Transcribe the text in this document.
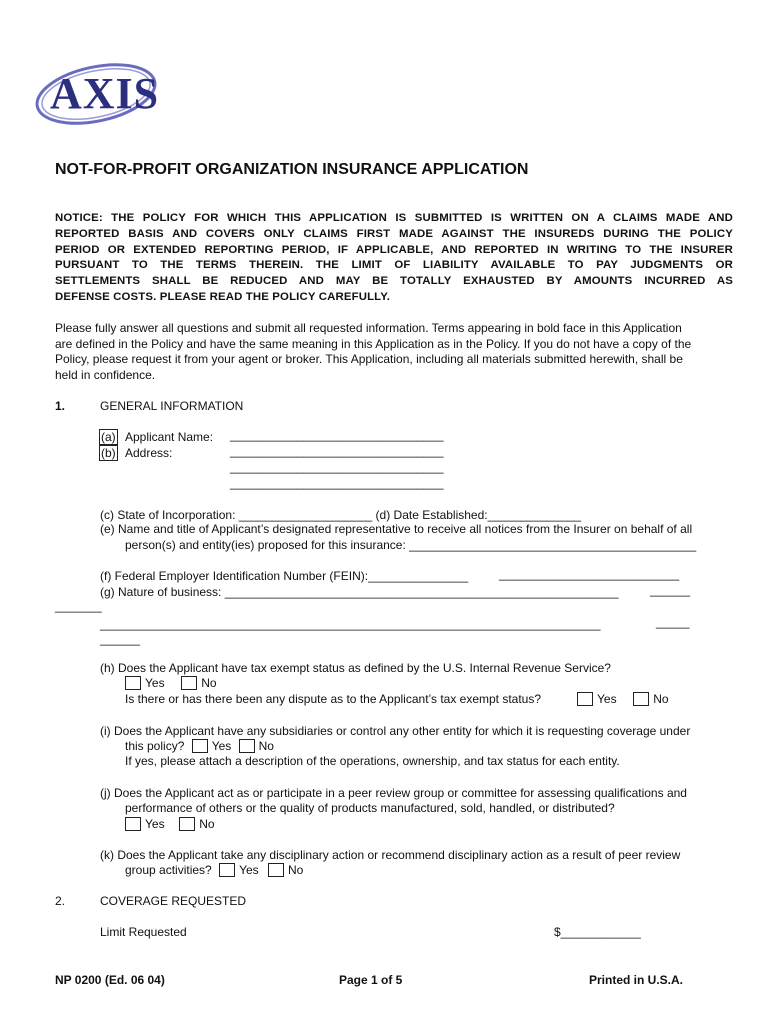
AXIS
NOT-FOR-PROFIT ORGANIZATION INSURANCE APPLICATION
NOTICE: THE POLICY FOR WHICH THIS APPLICATION IS SUBMITTED IS WRITTEN ON A CLAIMS MADE AND
REPORTED BASIS AND COVERS ONLY CLAIMS FIRST MADE AGAINST THE INSUREDS DURING THE POLICY
PERIOD OR EXTENDED REPORTING PERIOD, IF APPLICABLE, AND REPORTED IN WRITING TO THE INSURER
PURSUANT TO THE TERMS THEREIN. THE LIMIT OF LIABILITY AVAILABLE TO PAY JUDGMENTS OR
SETTLEMENTS SHALL BE REDUCED AND MAY BE TOTALLY EXHAUSTED BY AMOUNTS INCURRED AS
DEFENSE COSTS. PLEASE READ THE POLICY CAREFULLY.
Please fully answer all questions and submit all requested information. Terms appearing in bold face in this Application
are defined in the Policy and have the same meaning in this Application as in the Policy. If you do not have a copy of the
Policy, please request it from your agent or broker. This Application, including all materials submitted herewith, shall be
held in confidence.
1.	GENERAL INFORMATION
(a) Applicant Name: ________________________________
(b) Address:	________________________________
________________________________
________________________________
(c) State of Incorporation: ____________________ (d) Date Established:______________
(e) Name and title of Applicant’s designated representative to receive all notices from the Insurer on behalf of all
person(s) and entity(ies) proposed for this insurance: ___________________________________________
(f) Federal Employer Identification Number (FEIN):_______________	___________________________
(g) Nature of business: ___________________________________________________________	______
_______
___________________________________________________________________________	_____
______
(h) Does the Applicant have tax exempt status as defined by the U.S. Internal Revenue Service?
Yes	No
Is there or has there been any dispute as to the Applicant’s tax exempt status?	Yes	No
(i) Does the Applicant have any subsidiaries or control any other entity for which it is requesting coverage under
this policy? Yes No
If yes, please attach a description of the operations, ownership, and tax status for each entity.
(j) Does the Applicant act as or participate in a peer review group or committee for assessing qualifications and
performance of others or the quality of products manufactured, sold, handled, or distributed?
Yes	No
(k) Does the Applicant take any disciplinary action or recommend disciplinary action as a result of peer review
group activities? Yes No
2.	COVERAGE REQUESTED
Limit Requested	$____________
NP 0200 (Ed. 06 04)	Page 1 of 5	Printed in U.S.A.
